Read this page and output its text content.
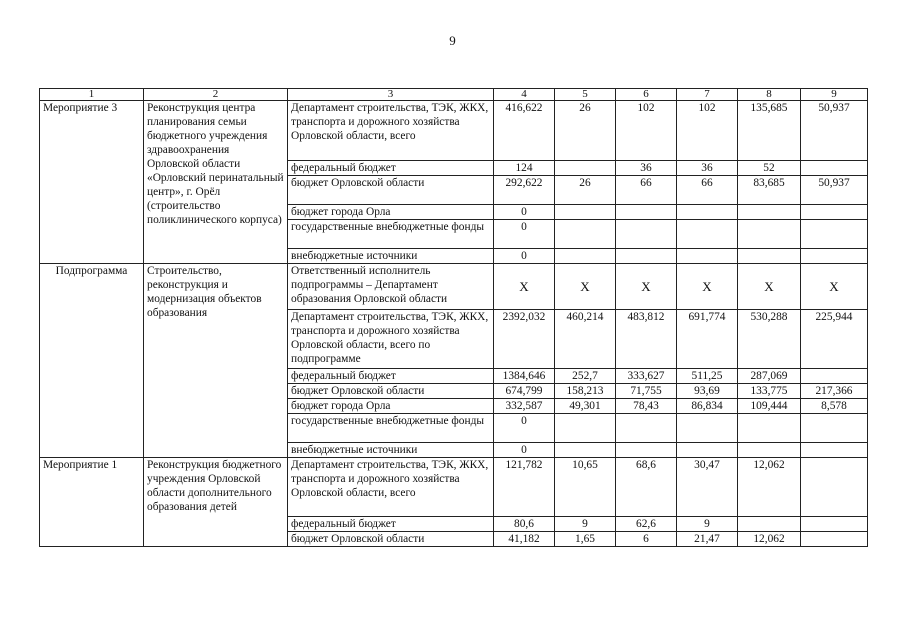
9
1	2	3	4	5	6	7	8	9
Мероприятие 3	Реконструкция центра планирования семьи бюджетного учреждения здравоохранения Орловской области «Орловский перинатальный центр», г. Орёл (строительство поликлинического корпуса)	Департамент строительства, ТЭК, ЖКХ, транспорта и дорожного хозяйства Орловской области, всего	416,622	26	102	102	135,685	50,937
		федеральный бюджет	124		36	36	52	
		бюджет Орловской области	292,622	26	66	66	83,685	50,937
		бюджет города Орла	0					
		государственные внебюджетные фонды	0					
		внебюджетные источники	0					
Подпрограмма	Строительство, реконструкция и модернизация объектов образования	Ответственный исполнитель подпрограммы – Департамент образования Орловской области	X	X	X	X	X	X
		Департамент строительства, ТЭК, ЖКХ, транспорта и дорожного хозяйства Орловской области, всего по подпрограмме	2392,032	460,214	483,812	691,774	530,288	225,944
		федеральный бюджет	1384,646	252,7	333,627	511,25	287,069	
		бюджет Орловской области	674,799	158,213	71,755	93,69	133,775	217,366
		бюджет города Орла	332,587	49,301	78,43	86,834	109,444	8,578
		государственные внебюджетные фонды	0					
		внебюджетные источники	0					
Мероприятие 1	Реконструкция бюджетного учреждения Орловской области дополнительного образования детей	Департамент строительства, ТЭК, ЖКХ, транспорта и дорожного хозяйства Орловской области, всего	121,782	10,65	68,6	30,47	12,062	
		федеральный бюджет	80,6	9	62,6	9		
		бюджет Орловской области	41,182	1,65	6	21,47	12,062	
